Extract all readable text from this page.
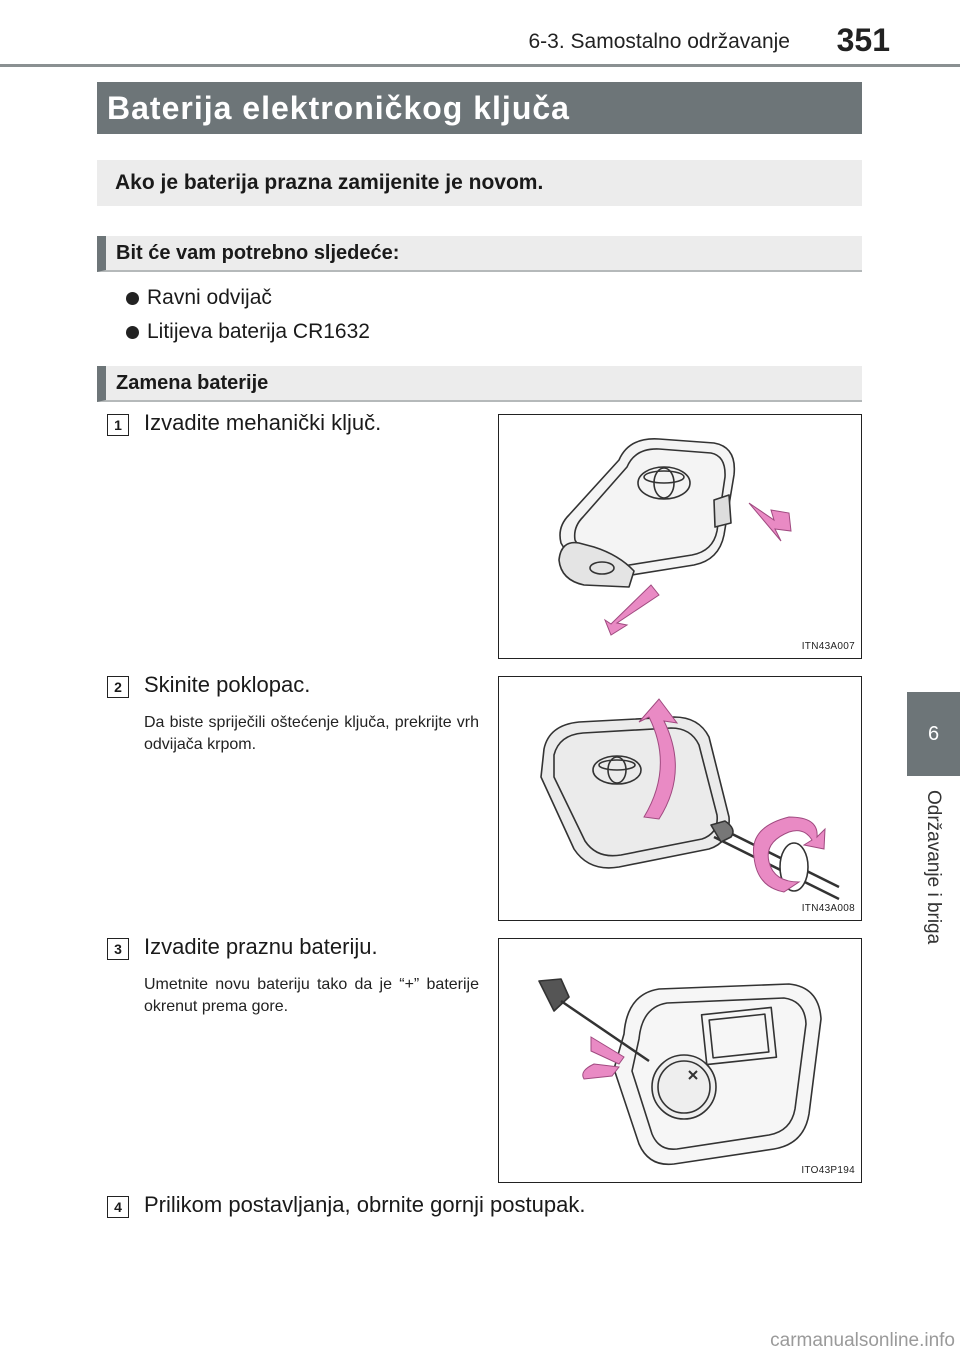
6-3. Samostalno održavanje	351
6
Održavanje i briga
Baterija elektroničkog ključa
Ako je baterija prazna zamijenite je novom.
Bit će vam potrebno sljedeće:
Ravni odvijač
Litijeva baterija CR1632
Zamena baterije
1	Izvadite mehanički ključ.
ITN43A007
2	Skinite poklopac.
Da biste spriječili oštećenje ključa, prekrijte vrh odvijača krpom.
ITN43A008
3	Izvadite praznu bateriju.
Umetnite novu bateriju tako da je “+” baterije okrenut prema gore.
ITO43P194
4	Prilikom postavljanja, obrnite gornji postupak.
carmanualsonline.info
